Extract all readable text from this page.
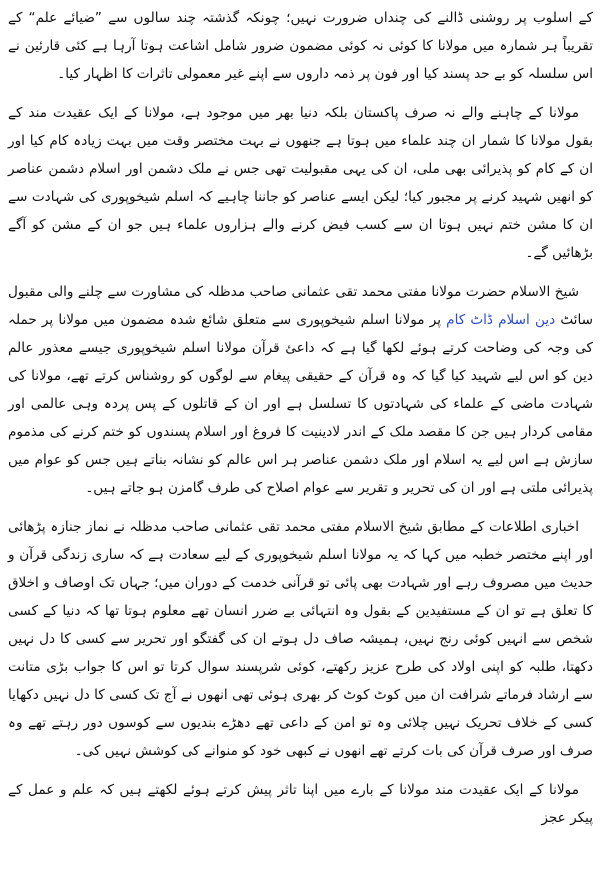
کے اسلوب پر روشنی ڈالنے کی چنداں ضرورت نہیں؛ چونکہ گذشتہ چند سالوں سے ”ضیائے علم“ کے تقریباً ہر شمارہ میں مولانا کا کوئی نہ کوئی مضمون ضرور شامل اشاعت ہوتا آرہا ہے کئی قارئین نے اس سلسلہ کو بے حد پسند کیا اور فون پر ذمہ داروں سے اپنے غیر معمولی تاثرات کا اظہار کیا۔

مولانا کے چاہنے والے نہ صرف پاکستان بلکہ دنیا بھر میں موجود ہے، مولانا کے ایک عقیدت مند کے بقول مولانا کا شمار ان چند علماء میں ہوتا ہے جنھوں نے بہت مختصر وقت میں بہت زیادہ کام کیا اور ان کے کام کو پذیرائی بھی ملی، ان کی یہی مقبولیت تھی جس نے ملک دشمن اور اسلام دشمن عناصر کو انھیں شہید کرنے پر مجبور کیا؛ لیکن ایسے عناصر کو جاننا چاہیے کہ اسلم شیخوپوری کی شہادت سے ان کا مشن ختم نہیں ہوتا ان سے کسب فیض کرنے والے ہزاروں علماء ہیں جو ان کے مشن کو آگے بڑھائیں گے۔

شیخ الاسلام حضرت مولانا مفتی محمد تقی عثمانی صاحب مدظلہ کی مشاورت سے چلنے والی مقبول سائٹ دین اسلام ڈاٹ کام پر مولانا اسلم شیخوپوری سے متعلق شائع شدہ مضمون میں مولانا پر حملہ کی وجہ کی وضاحت کرتے ہوئے لکھا گیا ہے کہ داعئ قرآن مولانا اسلم شیخوپوری جیسے معذور عالم دین کو اس لیے شہید کیا گیا کہ وہ قرآن کے حقیقی پیغام سے لوگوں کو روشناس کرتے تھے، مولانا کی شہادت ماضی کے علماء کی شہادتوں کا تسلسل ہے اور ان کے قاتلوں کے پس پردہ وہی عالمی اور مقامی کردار ہیں جن کا مقصد ملک کے اندر لادینیت کا فروغ اور اسلام پسندوں کو ختم کرنے کی مذموم سازش ہے اس لیے یہ اسلام اور ملک دشمن عناصر ہر اس عالم کو نشانہ بناتے ہیں جس کو عوام میں پذیرائی ملتی ہے اور ان کی تحریر و تقریر سے عوام اصلاح کی طرف گامزن ہو جاتے ہیں۔

اخباری اطلاعات کے مطابق شیخ الاسلام مفتی محمد تقی عثمانی صاحب مدظلہ نے نماز جنازہ پڑھائی اور اپنے مختصر خطبہ میں کہا کہ یہ مولانا اسلم شیخوپوری کے لیے سعادت ہے کہ ساری زندگی قرآن و حدیث میں مصروف رہے اور شہادت بھی پائی تو قرآنی خدمت کے دوران میں؛ جہاں تک اوصاف و اخلاق کا تعلق ہے تو ان کے مستفیدین کے بقول وہ انتہائی بے ضرر انسان تھے معلوم ہوتا تھا کہ دنیا کے کسی شخص سے انہیں کوئی رنج نہیں، ہمیشہ صاف دل ہوتے ان کی گفتگو اور تحریر سے کسی کا دل نہیں دکھتا، طلبہ کو اپنی اولاد کی طرح عزیز رکھتے، کوئی شرپسند سوال کرتا تو اس کا جواب بڑی متانت سے ارشاد فرماتے شرافت ان میں کوٹ کوٹ کر بھری ہوئی تھی انھوں نے آج تک کسی کا دل نہیں دکھایا کسی کے خلاف تحریک نہیں چلائی وہ تو امن کے داعی تھے دھڑے بندیوں سے کوسوں دور رہتے تھے وہ صرف اور صرف قرآن کی بات کرتے تھے انھوں نے کبھی خود کو منوانے کی کوشش نہیں کی۔

مولانا کے ایک عقیدت مند مولانا کے بارے میں اپنا تاثر پیش کرتے ہوئے لکھتے ہیں کہ علم و عمل کے پیکر عجز
